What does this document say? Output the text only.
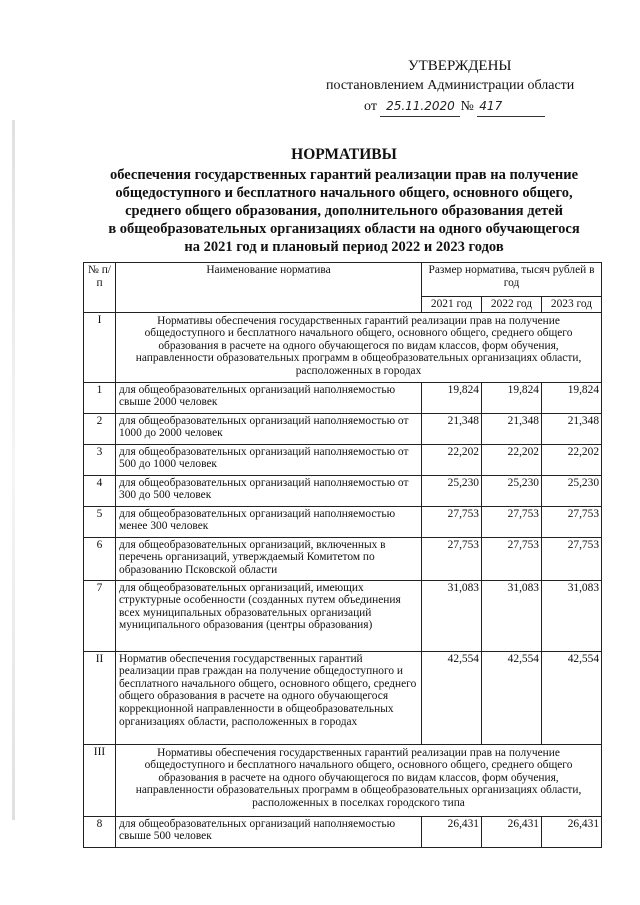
УТВЕРЖДЕНЫ
постановлением Администрации области
от 25.11.2020 № 417
НОРМАТИВЫ
обеспечения государственных гарантий реализации прав на получение
общедоступного и бесплатного начального общего, основного общего,
среднего общего образования, дополнительного образования детей
в общеобразовательных организациях области на одного обучающегося
на 2021 год и плановый период 2022 и 2023 годов
№ п/п	Наименование норматива	Размер норматива, тысяч рублей в год		
		2021 год	2022 год	2023 год
I	Нормативы обеспечения государственных гарантий реализации прав на получение общедоступного и бесплатного начального общего, основного общего, среднего общего образования в расчете на одного обучающегося по видам классов, форм обучения, направленности образовательных программ в общеобразовательных организациях области, расположенных в городах			
1	для общеобразовательных организаций наполняемостью свыше 2000 человек	19,824	19,824	19,824
2	для общеобразовательных организаций наполняемостью от 1000 до 2000 человек	21,348	21,348	21,348
3	для общеобразовательных организаций наполняемостью от 500 до 1000 человек	22,202	22,202	22,202
4	для общеобразовательных организаций наполняемостью от 300 до 500 человек	25,230	25,230	25,230
5	для общеобразовательных организаций наполняемостью менее 300 человек	27,753	27,753	27,753
6	для общеобразовательных организаций, включенных в перечень организаций, утверждаемый Комитетом по образованию Псковской области	27,753	27,753	27,753
7	для общеобразовательных организаций, имеющих структурные особенности (созданных путем объединения всех муниципальных образовательных организаций муниципального образования (центры образования)	31,083	31,083	31,083
II	Норматив обеспечения государственных гарантий реализации прав граждан на получение общедоступного и бесплатного начального общего, основного общего, среднего общего образования в расчете на одного обучающегося коррекционной направленности в общеобразовательных организациях области, расположенных в городах	42,554	42,554	42,554
III	Нормативы обеспечения государственных гарантий реализации прав на получение общедоступного и бесплатного начального общего, основного общего, среднего общего образования в расчете на одного обучающегося по видам классов, форм обучения, направленности образовательных программ в общеобразовательных организациях области, расположенных в поселках городского типа			
8	для общеобразовательных организаций наполняемостью свыше 500 человек	26,431	26,431	26,431
